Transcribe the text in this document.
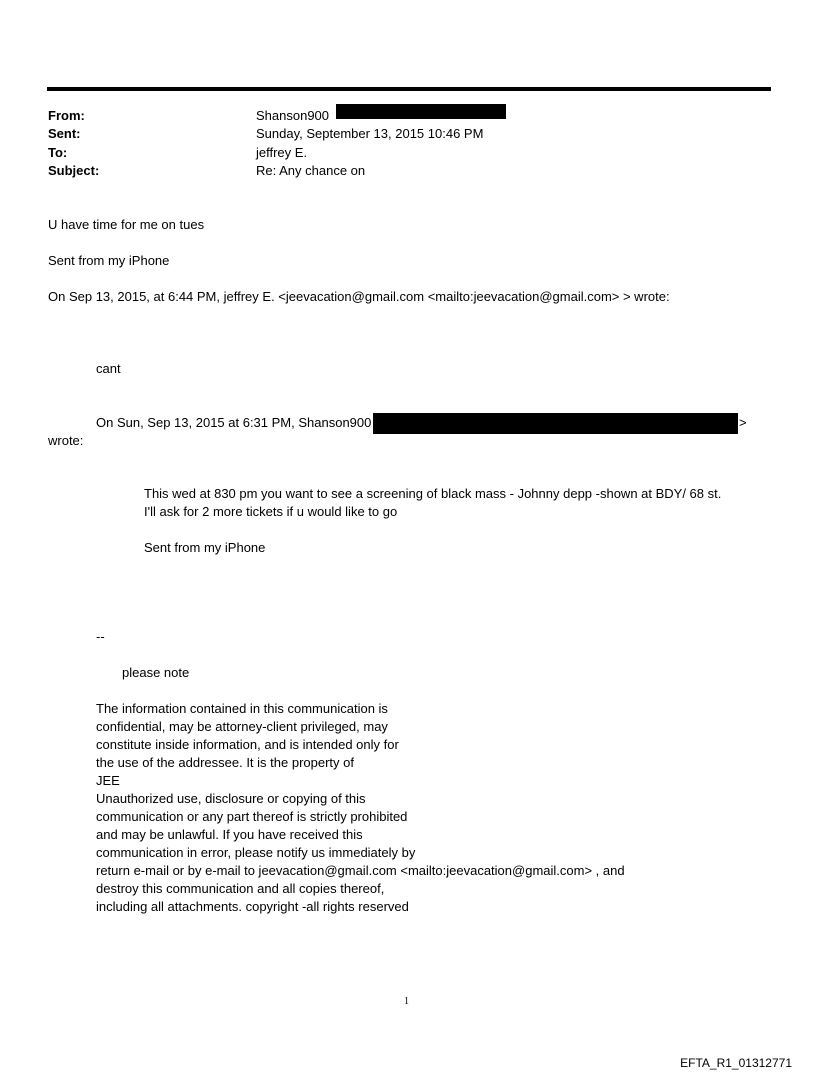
From:	Shanson900
Sent:	Sunday, September 13, 2015 10:46 PM
To:	jeffrey E.
Subject:	Re: Any chance on
U have time for me on tues
Sent from my iPhone
On Sep 13, 2015, at 6:44 PM, jeffrey E. <jeevacation@gmail.com <mailto:jeevacation@gmail.com> > wrote:
cant
On Sun, Sep 13, 2015 at 6:31 PM, Shanson900	>
wrote:
This wed at 830 pm you want to see a screening of black mass - Johnny depp -shown at BDY/ 68 st.
I'll ask for 2 more tickets if u would like to go
Sent from my iPhone
--
please note
The information contained in this communication is
confidential, may be attorney-client privileged, may
constitute inside information, and is intended only for
the use of the addressee. It is the property of
JEE
Unauthorized use, disclosure or copying of this
communication or any part thereof is strictly prohibited
and may be unlawful. If you have received this
communication in error, please notify us immediately by
return e-mail or by e-mail to jeevacation@gmail.com <mailto:jeevacation@gmail.com> , and
destroy this communication and all copies thereof,
including all attachments. copyright -all rights reserved
1
EFTA_R1_01312771
